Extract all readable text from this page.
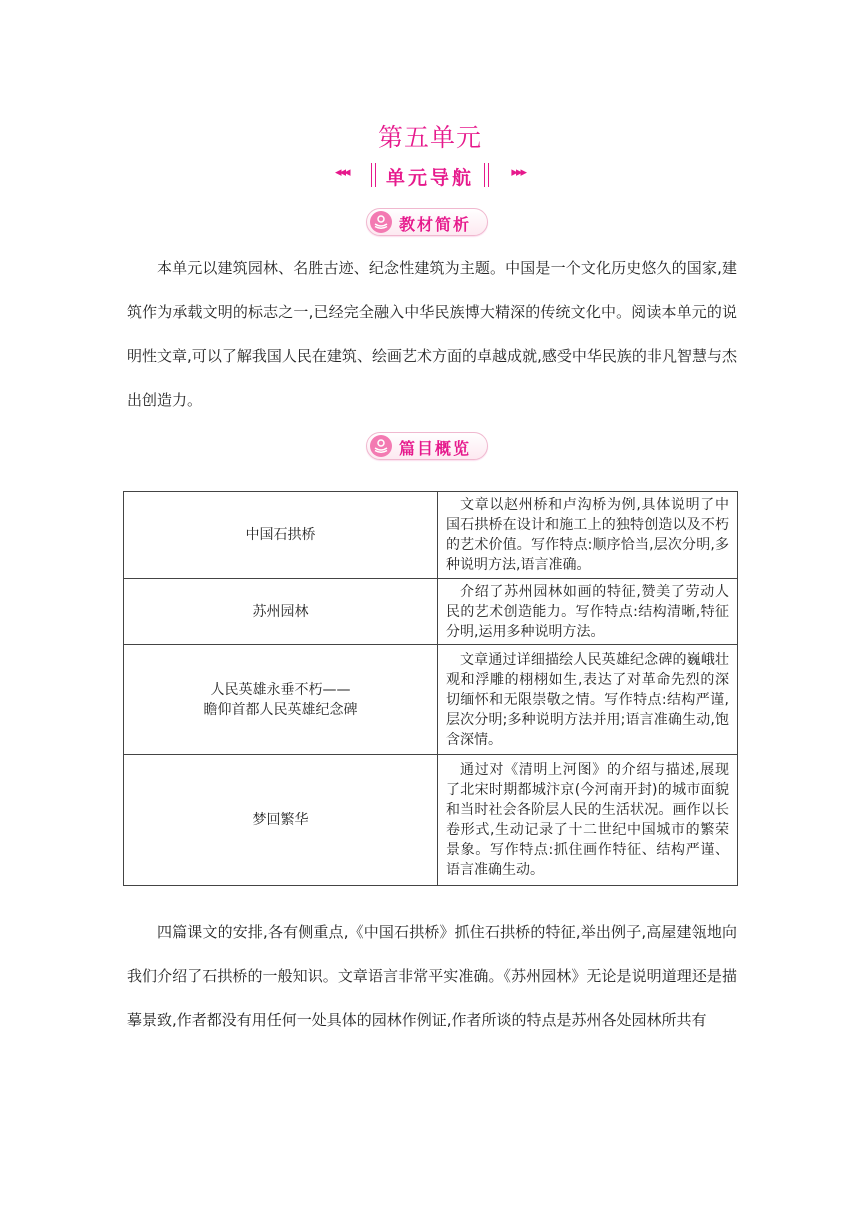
第五单元
◂◂◂	单元导航	▸▸▸
教材简析

本单元以建筑园林、名胜古迹、纪念性建筑为主题。中国是一个文化历史悠久的国家,建筑作为承载文明的标志之一,已经完全融入中华民族博大精深的传统文化中。阅读本单元的说明性文章,可以了解我国人民在建筑、绘画艺术方面的卓越成就,感受中华民族的非凡智慧与杰出创造力。

篇目概览
中国石拱桥	文章以赵州桥和卢沟桥为例,具体说明了中国石拱桥在设计和施工上的独特创造以及不朽的艺术价值。写作特点:顺序恰当,层次分明,多种说明方法,语言准确。

苏州园林	介绍了苏州园林如画的特征,赞美了劳动人民的艺术创造能力。写作特点:结构清晰,特征分明,运用多种说明方法。

人民英雄永垂不朽——
瞻仰首都人民英雄纪念碑	文章通过详细描绘人民英雄纪念碑的巍峨壮观和浮雕的栩栩如生,表达了对革命先烈的深切缅怀和无限崇敬之情。写作特点:结构严谨,层次分明;多种说明方法并用;语言准确生动,饱含深情。

梦回繁华	通过对《清明上河图》的介绍与描述,展现了北宋时期都城汴京(今河南开封)的城市面貌和当时社会各阶层人民的生活状况。画作以长卷形式,生动记录了十二世纪中国城市的繁荣景象。写作特点:抓住画作特征、结构严谨、语言准确生动。

四篇课文的安排,各有侧重点,《中国石拱桥》抓住石拱桥的特征,举出例子,高屋建瓴地向我们介绍了石拱桥的一般知识。文章语言非常平实准确。《苏州园林》无论是说明道理还是描摹景致,作者都没有用任何一处具体的园林作例证,作者所谈的特点是苏州各处园林所共有
